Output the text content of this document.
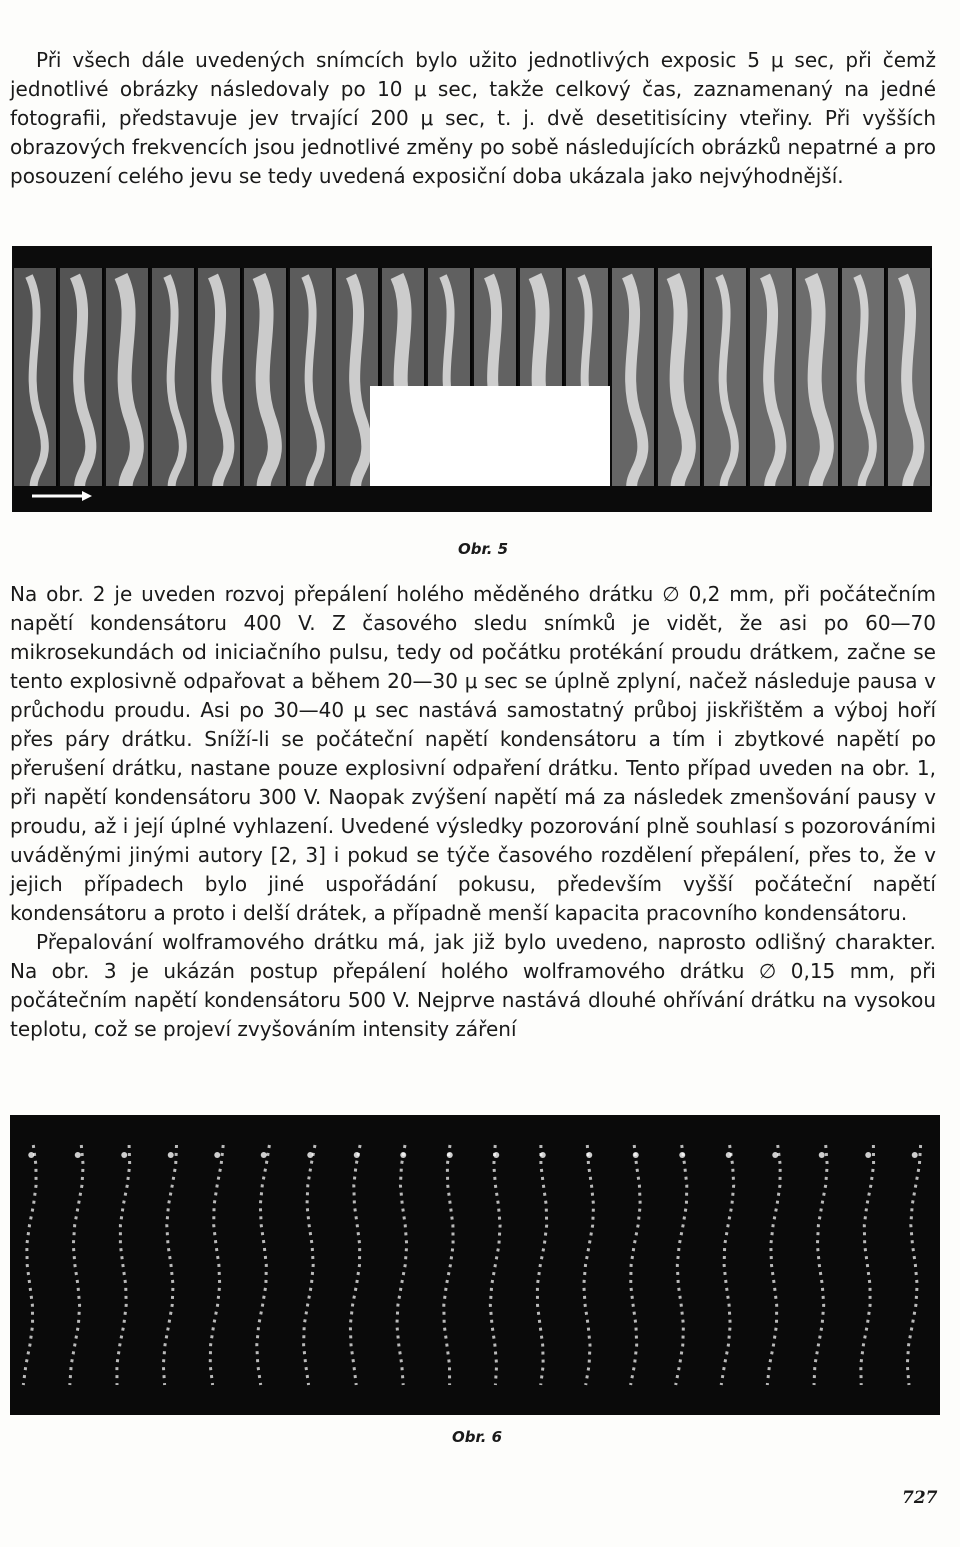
Při všech dále uvedených snímcích bylo užito jednotlivých exposic 5 μ sec, při čemž jednotlivé obrázky následovaly po 10 μ sec, takže celkový čas, zaznamenaný na jedné fotografii, představuje jev trvající 200 μ sec, t. j. dvě desetitisíciny vteřiny. Při vyšších obrazových frekvencích jsou jednotlivé změny po sobě následujících obrázků nepatrné a pro posouzení celého jevu se tedy uvedená exposiční doba ukázala jako nejvýhodnější.

Obr. 5

Na obr. 2 je uveden rozvoj přepálení holého měděného drátku ∅ 0,2 mm, při počátečním napětí kondensátoru 400 V. Z časového sledu snímků je vidět, že asi po 60—70 mikrosekundách od iniciačního pulsu, tedy od počátku protékání proudu drátkem, začne se tento explosivně odpařovat a během 20—30 μ sec se úplně zplyní, načež následuje pausa v průchodu proudu. Asi po 30—40 μ sec nastává samostatný průboj jiskřištěm a výboj hoří přes páry drátku. Sníží-li se počáteční napětí kondensátoru a tím i zbytkové napětí po přerušení drátku, nastane pouze explosivní odpaření drátku. Tento případ uveden na obr. 1, při napětí kondensátoru 300 V. Naopak zvýšení napětí má za následek zmenšování pausy v proudu, až i její úplné vyhlazení. Uvedené výsledky pozorování plně souhlasí s pozorováními uváděnými jinými autory [2, 3] i pokud se týče časového rozdělení přepálení, přes to, že v jejich případech bylo jiné uspořádání pokusu, především vyšší počáteční napětí kondensátoru a proto i delší drátek, a případně menší kapacita pracovního kondensátoru.

Přepalování wolframového drátku má, jak již bylo uvedeno, naprosto odlišný charakter. Na obr. 3 je ukázán postup přepálení holého wolframového drátku ∅ 0,15 mm, při počátečním napětí kondensátoru 500 V. Nejprve nastává dlouhé ohřívání drátku na vysokou teplotu, což se projeví zvyšováním intensity záření

Obr. 6
727
